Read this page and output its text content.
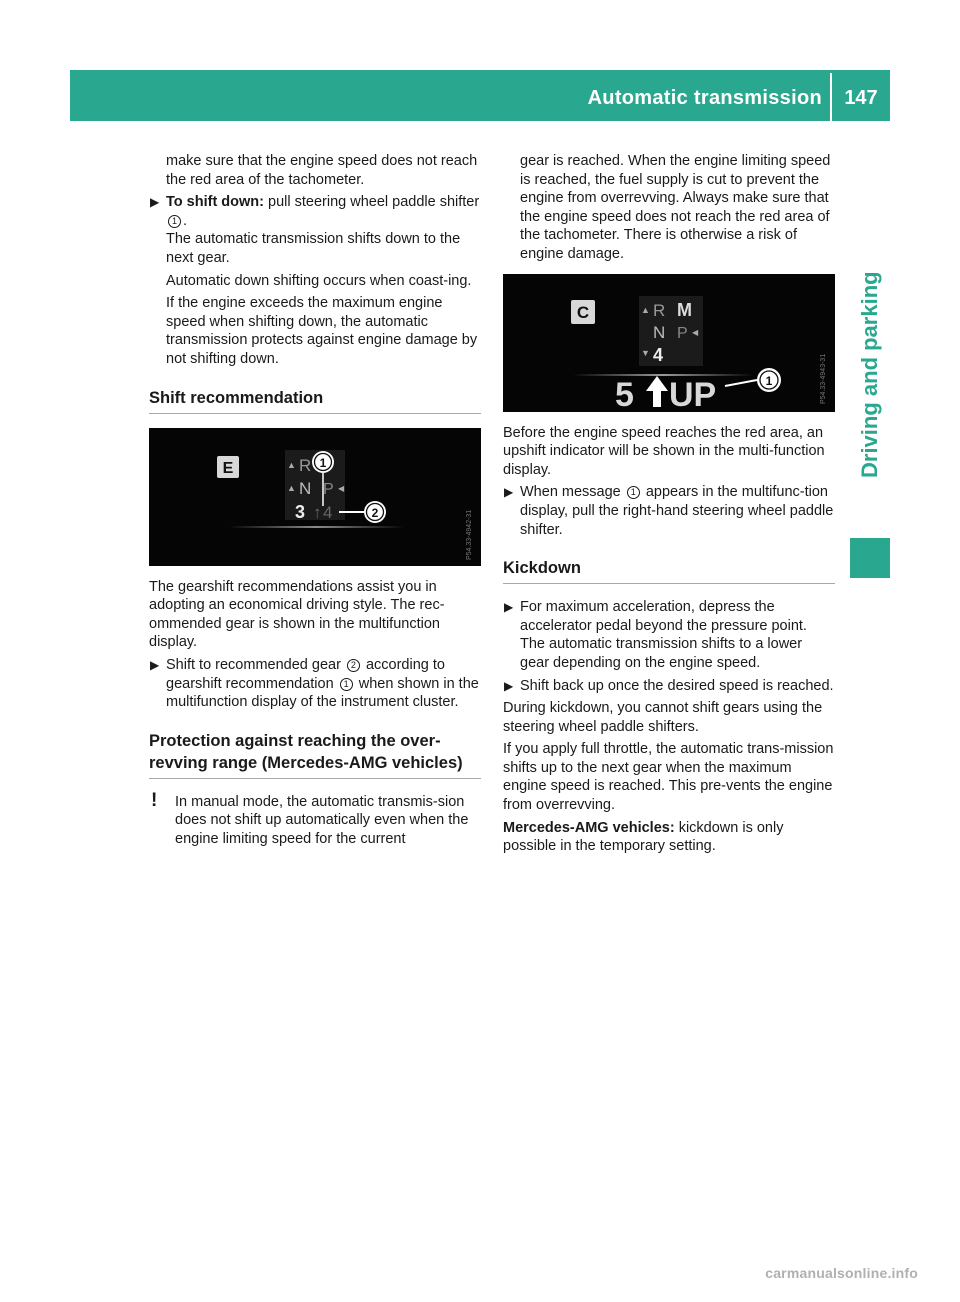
Automatic transmission	147
Driving and parking

make sure that the engine speed does not reach the red area of the tachometer.

▶ To shift down: pull steering wheel paddle shifter 1 .
The automatic transmission shifts down to the next gear.

Automatic down shifting occurs when coast-ing.

If the engine exceeds the maximum engine speed when shifting down, the automatic transmission protects against engine damage by not shifting down.

Shift recommendation
E	▲ R
▲ N P ◀
3 ↑ 4
1
2	P54.33-4942-31

The gearshift recommendations assist you in adopting an economical driving style. The rec-ommended gear is shown in the multifunction display.

▶ Shift to recommended gear 2 according to gearshift recommendation 1 when shown in the multifunction display of the instrument cluster.
Protection against reaching the over-revving range (Mercedes-AMG vehicles)
! In manual mode, the automatic transmis-sion does not shift up automatically even when the engine limiting speed for the current

gear is reached. When the engine limiting speed is reached, the fuel supply is cut to prevent the engine from overrevving. Always make sure that the engine speed does not reach the red area of the tachometer. There is otherwise a risk of engine damage.

C	▲ R M
N P ◀
▼ 4
5 UP	1	P54.33-4943-31

Before the engine speed reaches the red area, an upshift indicator will be shown in the multi-function display.

▶ When message 1 appears in the multifunc-tion display, pull the right-hand steering wheel paddle shifter.
Kickdown
▶ For maximum acceleration, depress the accelerator pedal beyond the pressure point. The automatic transmission shifts to a lower gear depending on the engine speed.
▶ Shift back up once the desired speed is reached.

During kickdown, you cannot shift gears using the steering wheel paddle shifters.

If you apply full throttle, the automatic trans-mission shifts up to the next gear when the maximum engine speed is reached. This pre-vents the engine from overrevving.

Mercedes-AMG vehicles: kickdown is only possible in the temporary setting.

carmanualsonline.info
